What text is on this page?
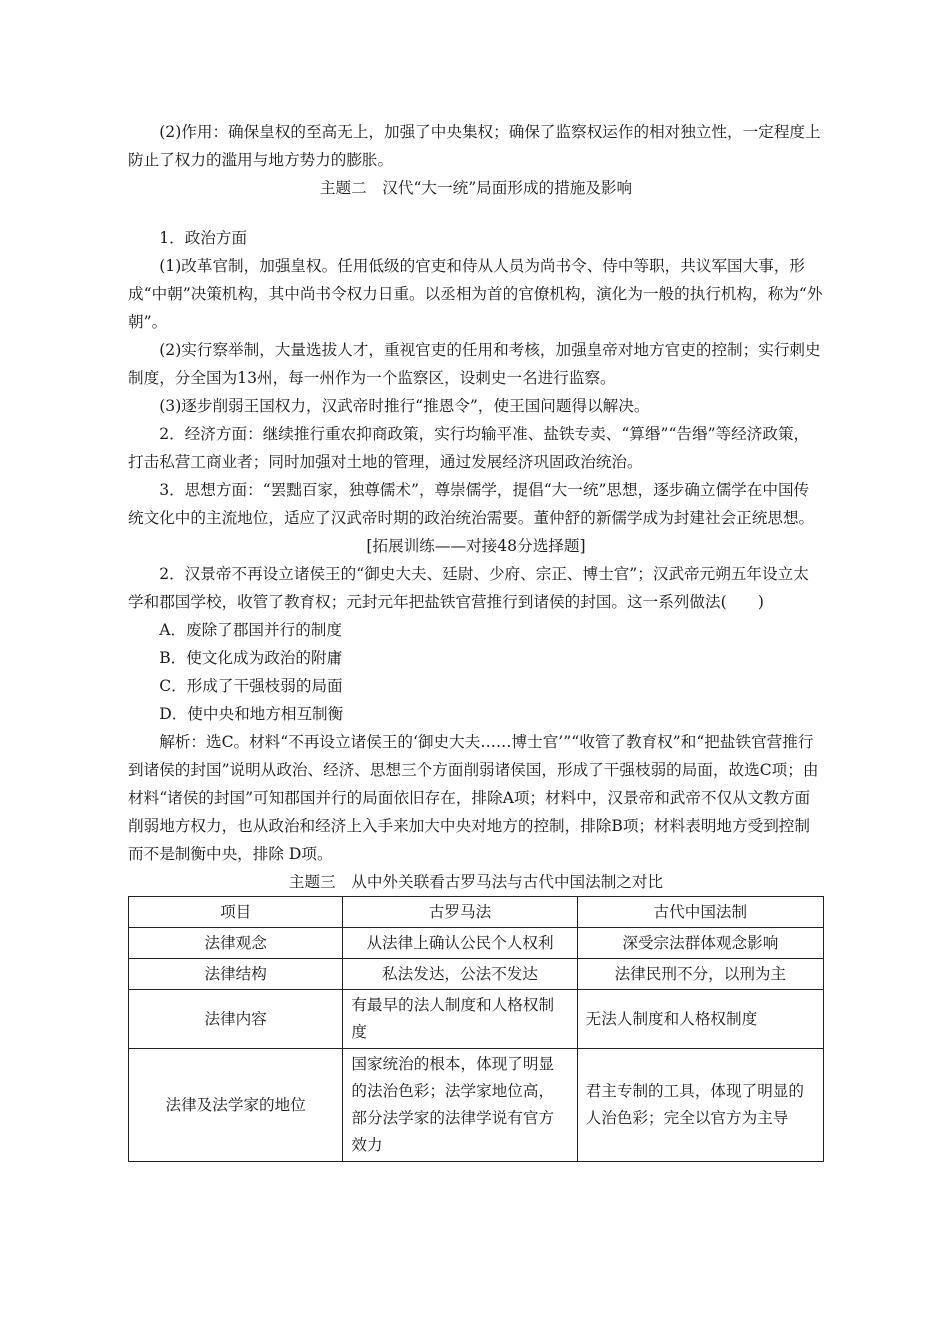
(2)作用：确保皇权的至高无上，加强了中央集权；确保了监察权运作的相对独立性，一定程度上防止了权力的滥用与地方势力的膨胀。

主题二　汉代“大一统”局面形成的措施及影响

1．政治方面

(1)改革官制，加强皇权。任用低级的官吏和侍从人员为尚书令、侍中等职，共议军国大事，形成“中朝”决策机构，其中尚书令权力日重。以丞相为首的官僚机构，演化为一般的执行机构，称为“外朝”。

(2)实行察举制，大量选拔人才，重视官吏的任用和考核，加强皇帝对地方官吏的控制；实行刺史制度，分全国为13州，每一州作为一个监察区，设刺史一名进行监察。

(3)逐步削弱王国权力，汉武帝时推行“推恩令”，使王国问题得以解决。

2．经济方面：继续推行重农抑商政策，实行均输平准、盐铁专卖、“算缗”“告缗”等经济政策，打击私营工商业者；同时加强对土地的管理，通过发展经济巩固政治统治。

3．思想方面：“罢黜百家，独尊儒术”，尊崇儒学，提倡“大一统”思想，逐步确立儒学在中国传统文化中的主流地位，适应了汉武帝时期的政治统治需要。董仲舒的新儒学成为封建社会正统思想。

[拓展训练——对接48分选择题]

2．汉景帝不再设立诸侯王的“御史大夫、廷尉、少府、宗正、博士官”；汉武帝元朔五年设立太学和郡国学校，收管了教育权；元封元年把盐铁官营推行到诸侯的封国。这一系列做法(　　)

A．废除了郡国并行的制度

B．使文化成为政治的附庸

C．形成了干强枝弱的局面

D．使中央和地方相互制衡

解析：选C。材料“不再设立诸侯王的‘御史大夫……博士官’”“收管了教育权”和“把盐铁官营推行到诸侯的封国”说明从政治、经济、思想三个方面削弱诸侯国，形成了干强枝弱的局面，故选C项；由材料“诸侯的封国”可知郡国并行的局面依旧存在，排除A项；材料中，汉景帝和武帝不仅从文教方面削弱地方权力，也从政治和经济上入手来加大中央对地方的控制，排除B项；材料表明地方受到控制而不是制衡中央，排除 D项。

主题三　从中外关联看古罗马法与古代中国法制之对比

项目	古罗马法	古代中国法制
法律观念	从法律上确认公民个人权利	深受宗法群体观念影响
法律结构	私法发达，公法不发达	法律民刑不分，以刑为主
法律内容	有最早的法人制度和人格权制度	无法人制度和人格权制度
法律及法学家的地位	国家统治的根本，体现了明显的法治色彩；法学家地位高，部分法学家的法律学说有官方效力	君主专制的工具，体现了明显的人治色彩；完全以官方为主导
